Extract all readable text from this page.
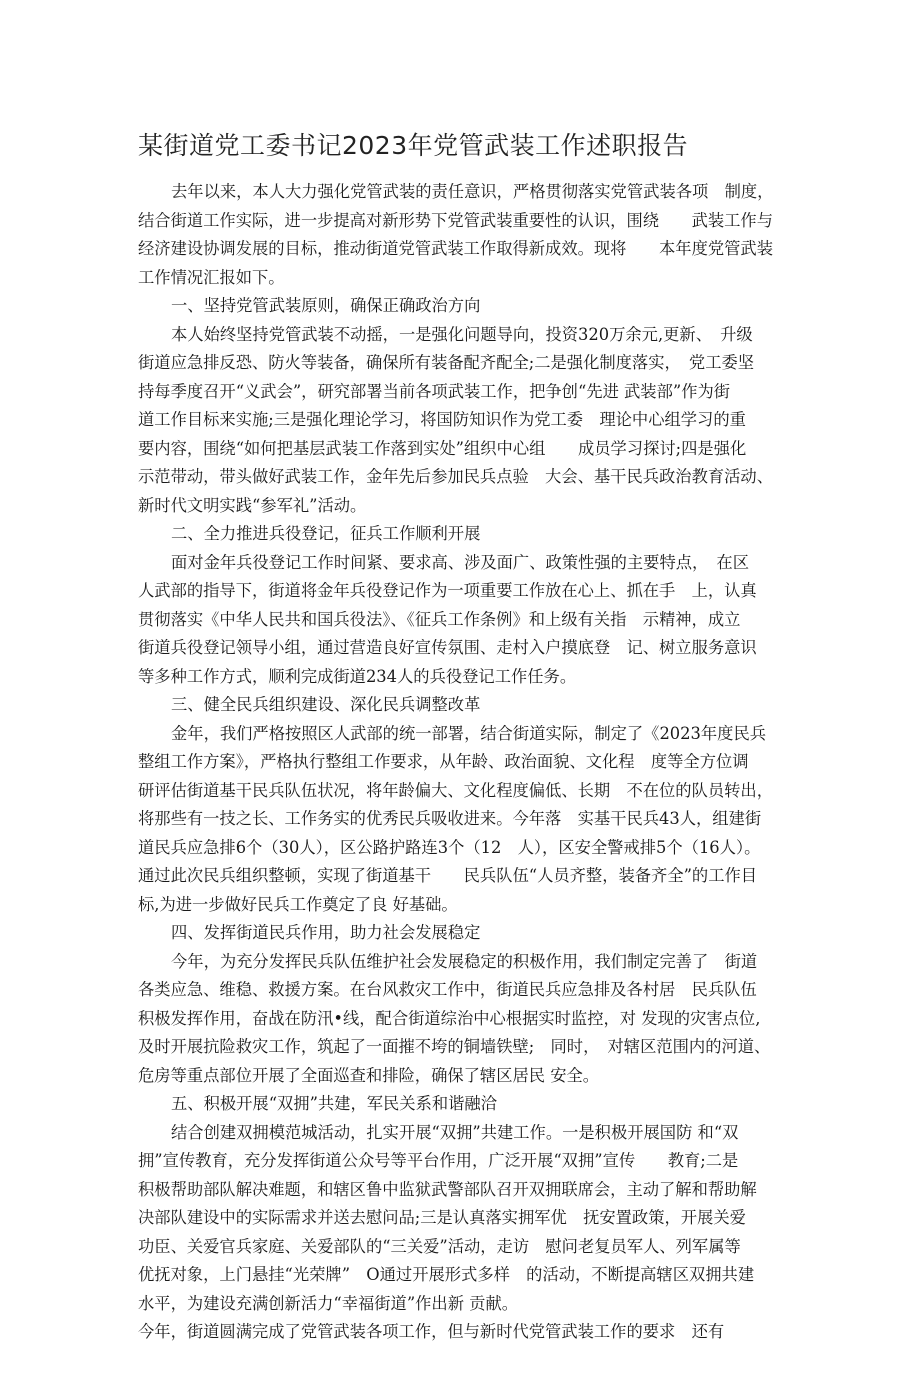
某街道党工委书记2023年党管武装工作述职报告
去年以来，本人大力强化党管武装的责任意识，严格贯彻落实党管武装各项　制度，
结合街道工作实际，进一步提高对新形势下党管武装重要性的认识，围绕　　武装工作与
经济建设协调发展的目标，推动街道党管武装工作取得新成效。现将　　本年度党管武装
工作情况汇报如下。
一、坚持党管武装原则，确保正确政治方向
本人始终坚持党管武装不动摇，一是强化问题导向，投资320万余元,更新、　升级
街道应急排反恐、防火等装备，确保所有装备配齐配全;二是强化制度落实，　党工委坚
持每季度召开“义武会”，研究部署当前各项武装工作，把争创“先进 武装部”作为街
道工作目标来实施;三是强化理论学习，将国防知识作为党工委　理论中心组学习的重
要内容，围绕“如何把基层武装工作落到实处”组织中心组　　成员学习探讨;四是强化
示范带动，带头做好武装工作，金年先后参加民兵点验　大会、基干民兵政治教育活动、
新时代文明实践“参军礼”活动。
二、全力推进兵役登记，征兵工作顺利开展
面对金年兵役登记工作时间紧、要求高、涉及面广、政策性强的主要特点，　在区
人武部的指导下，街道将金年兵役登记作为一项重要工作放在心上、抓在手　上，认真
贯彻落实《中华人民共和国兵役法》、《征兵工作条例》和上级有关指　示精神，成立
街道兵役登记领导小组，通过营造良好宣传氛围、走村入户摸底登　记、树立服务意识
等多种工作方式，顺利完成街道234人的兵役登记工作任务。
三、健全民兵组织建设、深化民兵调整改革
金年，我们严格按照区人武部的统一部署，结合街道实际，制定了《2023年度民兵
整组工作方案》，严格执行整组工作要求，从年龄、政治面貌、文化程　度等全方位调
研评估街道基干民兵队伍状况，将年龄偏大、文化程度偏低、长期　不在位的队员转出，
将那些有一技之长、工作务实的优秀民兵吸收进来。今年落　实基干民兵43人，组建街
道民兵应急排6个（30人），区公路护路连3个（12　人），区安全警戒排5个（16人）。
通过此次民兵组织整顿，实现了街道基干　　民兵队伍“人员齐整，装备齐全”的工作目
标,为进一步做好民兵工作奠定了良 好基础。
四、发挥街道民兵作用，助力社会发展稳定
今年，为充分发挥民兵队伍维护社会发展稳定的积极作用，我们制定完善了　街道
各类应急、维稳、救援方案。在台风救灾工作中，街道民兵应急排及各村居　民兵队伍
积极发挥作用，奋战在防汛•线，配合街道综治中心根据实时监控，对 发现的灾害点位,
及时开展抗险救灾工作，筑起了一面摧不垮的铜墙铁壁;　同时，　对辖区范围内的河道、
危房等重点部位开展了全面巡查和排险，确保了辖区居民 安全。
五、积极开展“双拥”共建，军民关系和谐融洽
结合创建双拥模范城活动，扎实开展“双拥”共建工作。一是积极开展国防 和“双
拥”宣传教育，充分发挥街道公众号等平台作用，广泛开展“双拥”宣传　　教育;二是
积极帮助部队解决难题，和辖区鲁中监狱武警部队召开双拥联席会，主动了解和帮助解
决部队建设中的实际需求并送去慰问品;三是认真落实拥军优　抚安置政策，开展关爱
功臣、关爱官兵家庭、关爱部队的“三关爱”活动，走访　慰问老复员军人、列军属等
优抚对象，上门悬挂“光荣牌”　O通过开展形式多样　的活动，不断提高辖区双拥共建
水平，为建设充满创新活力“幸福街道”作出新 贡献。
今年，街道圆满完成了党管武装各项工作，但与新时代党管武装工作的要求　还有
